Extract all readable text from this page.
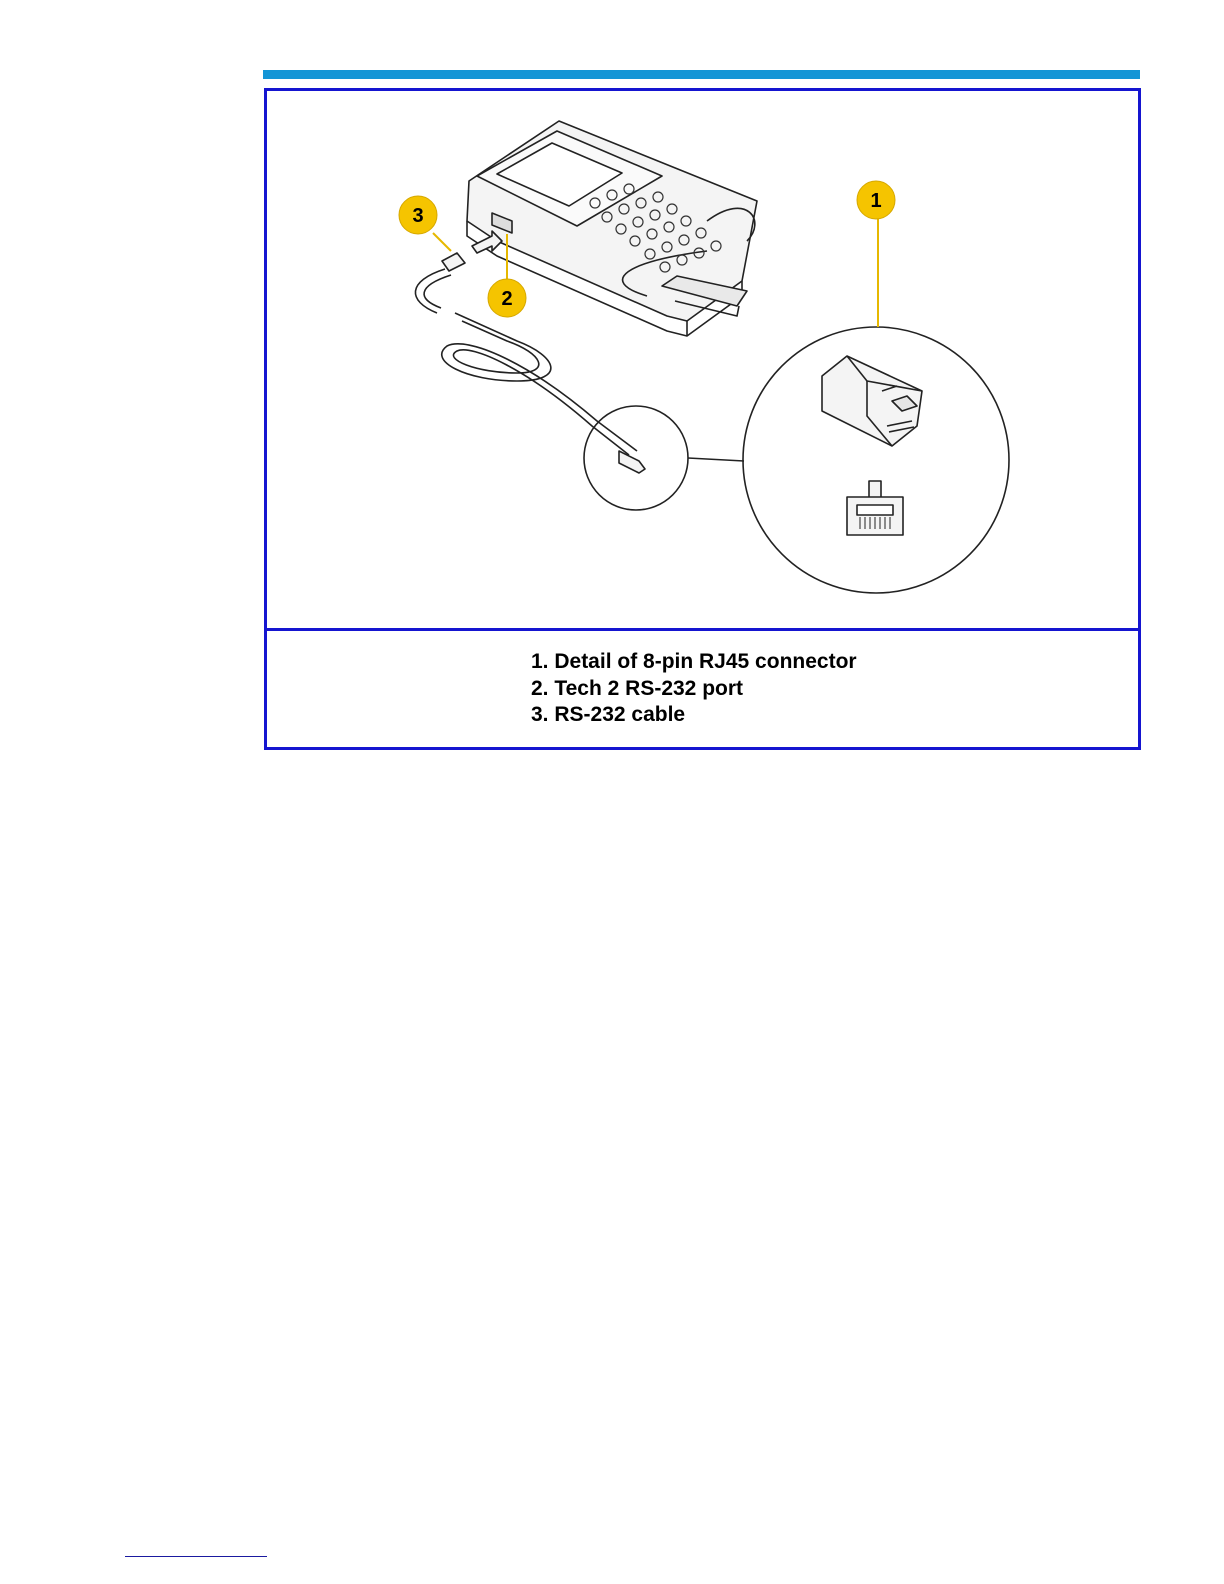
3
2
1
1. Detail of 8-pin RJ45 connector
2. Tech 2 RS-232 port
3. RS-232 cable
